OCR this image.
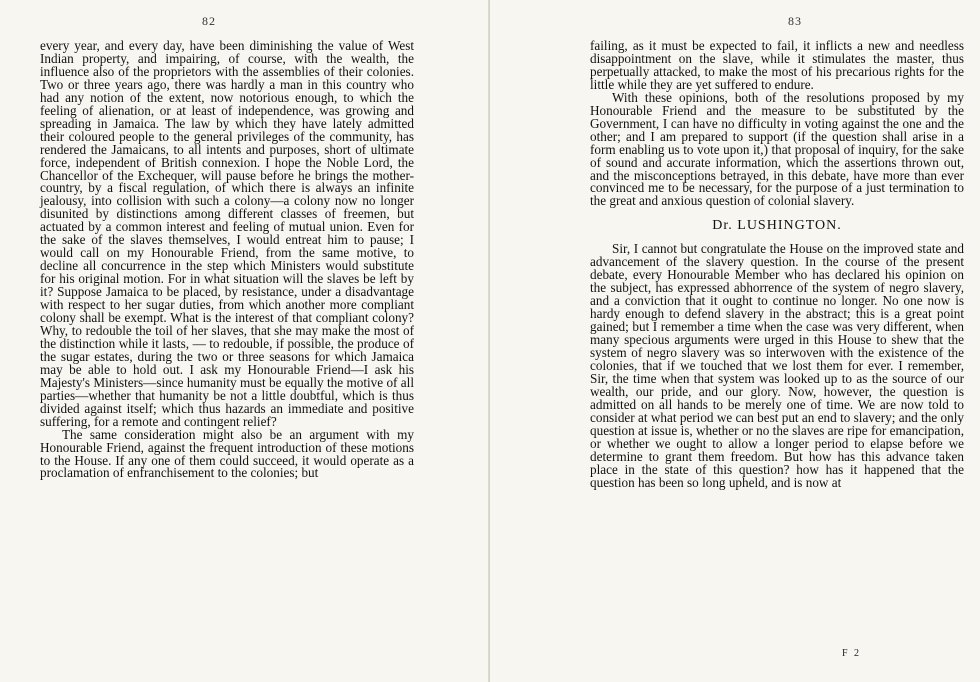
82

every year, and every day, have been diminishing the value of West Indian property, and impairing, of course, with the wealth, the influence also of the proprietors with the assemblies of their colonies. Two or three years ago, there was hardly a man in this country who had any notion of the extent, now notorious enough, to which the feeling of alienation, or at least of independence, was growing and spreading in Jamaica. The law by which they have lately admitted their coloured people to the general privileges of the community, has rendered the Jamaicans, to all intents and purposes, short of ultimate force, independent of British connexion. I hope the Noble Lord, the Chancellor of the Exchequer, will pause before he brings the mother-country, by a fiscal regulation, of which there is always an infinite jealousy, into collision with such a colony—a colony now no longer disunited by distinctions among different classes of freemen, but actuated by a common interest and feeling of mutual union. Even for the sake of the slaves themselves, I would entreat him to pause; I would call on my Honourable Friend, from the same motive, to decline all concurrence in the step which Ministers would substitute for his original motion. For in what situation will the slaves be left by it? Suppose Jamaica to be placed, by resistance, under a disadvantage with respect to her sugar duties, from which another more compliant colony shall be exempt. What is the interest of that compliant colony? Why, to redouble the toil of her slaves, that she may make the most of the distinction while it lasts, — to redouble, if possible, the produce of the sugar estates, during the two or three seasons for which Jamaica may be able to hold out. I ask my Honourable Friend—I ask his Majesty's Ministers—since humanity must be equally the motive of all parties—whether that humanity be not a little doubtful, which is thus divided against itself; which thus hazards an immediate and positive suffering, for a remote and contingent relief?

The same consideration might also be an argument with my Honourable Friend, against the frequent introduction of these motions to the House. If any one of them could succeed, it would operate as a proclamation of enfranchisement to the colonies; but

83

failing, as it must be expected to fail, it inflicts a new and needless disappointment on the slave, while it stimulates the master, thus perpetually attacked, to make the most of his precarious rights for the little while they are yet suffered to endure.

With these opinions, both of the resolutions proposed by my Honourable Friend and the measure to be substituted by the Government, I can have no difficulty in voting against the one and the other; and I am prepared to support (if the question shall arise in a form enabling us to vote upon it,) that proposal of inquiry, for the sake of sound and accurate information, which the assertions thrown out, and the misconceptions betrayed, in this debate, have more than ever convinced me to be necessary, for the purpose of a just termination to the great and anxious question of colonial slavery.

Dr. LUSHINGTON.

Sir, I cannot but congratulate the House on the improved state and advancement of the slavery question. In the course of the present debate, every Honourable Member who has declared his opinion on the subject, has expressed abhorrence of the system of negro slavery, and a conviction that it ought to continue no longer. No one now is hardy enough to defend slavery in the abstract; this is a great point gained; but I remember a time when the case was very different, when many specious arguments were urged in this House to shew that the system of negro slavery was so interwoven with the existence of the colonies, that if we touched that we lost them for ever. I remember, Sir, the time when that system was looked up to as the source of our wealth, our pride, and our glory. Now, however, the question is admitted on all hands to be merely one of time. We are now told to consider at what period we can best put an end to slavery; and the only question at issue is, whether or no the slaves are ripe for emancipation, or whether we ought to allow a longer period to elapse before we determine to grant them freedom. But how has this advance taken place in the state of this question? how has it happened that the question has been so long upheld, and is now at

F 2
